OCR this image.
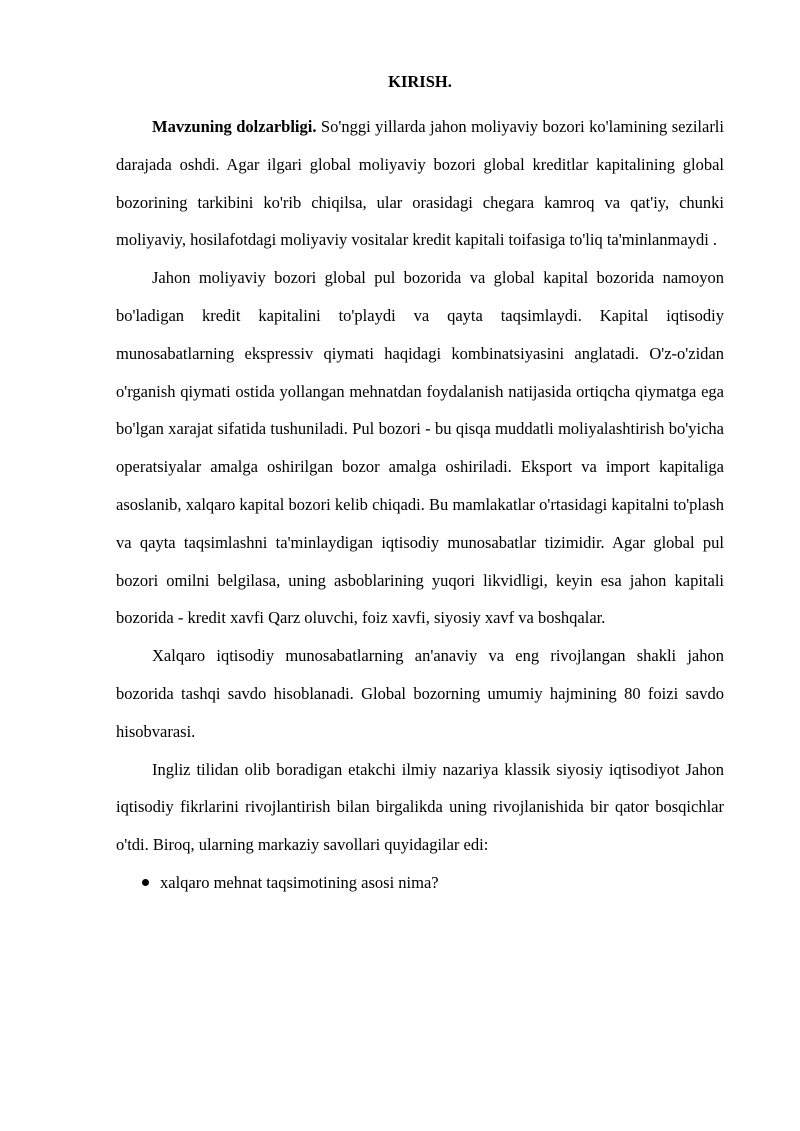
KIRISH.

Mavzuning dolzarbligi. So'nggi yillarda jahon moliyaviy bozori ko'lamining sezilarli darajada oshdi. Agar ilgari global moliyaviy bozori global kreditlar kapitalining global bozorining tarkibini ko'rib chiqilsa, ular orasidagi chegara kamroq va qat'iy, chunki moliyaviy, hosilafotdagi moliyaviy vositalar kredit kapitali toifasiga to'liq ta'minlanmaydi .

Jahon moliyaviy bozori global pul bozorida va global kapital bozorida namoyon bo'ladigan kredit kapitalini to'playdi va qayta taqsimlaydi. Kapital iqtisodiy munosabatlarning ekspressiv qiymati haqidagi kombinatsiyasini anglatadi. O'z-o'zidan o'rganish qiymati ostida yollangan mehnatdan foydalanish natijasida ortiqcha qiymatga ega bo'lgan xarajat sifatida tushuniladi. Pul bozori - bu qisqa muddatli moliyalashtirish bo'yicha operatsiyalar amalga oshirilgan bozor amalga oshiriladi. Eksport va import kapitaliga asoslanib, xalqaro kapital bozori kelib chiqadi. Bu mamlakatlar o'rtasidagi kapitalni to'plash va qayta taqsimlashni ta'minlaydigan iqtisodiy munosabatlar tizimidir. Agar global pul bozori omilni belgilasa, uning asboblarining yuqori likvidligi, keyin esa jahon kapitali bozorida - kredit xavfi Qarz oluvchi, foiz xavfi, siyosiy xavf va boshqalar.

Xalqaro iqtisodiy munosabatlarning an'anaviy va eng rivojlangan shakli jahon bozorida tashqi savdo hisoblanadi. Global bozorning umumiy hajmining 80 foizi savdo hisobvarasi.

Ingliz tilidan olib boradigan etakchi ilmiy nazariya klassik siyosiy iqtisodiyot Jahon iqtisodiy fikrlarini rivojlantirish bilan birgalikda uning rivojlanishida bir qator bosqichlar o'tdi. Biroq, ularning markaziy savollari quyidagilar edi:

xalqaro mehnat taqsimotining asosi nima?
